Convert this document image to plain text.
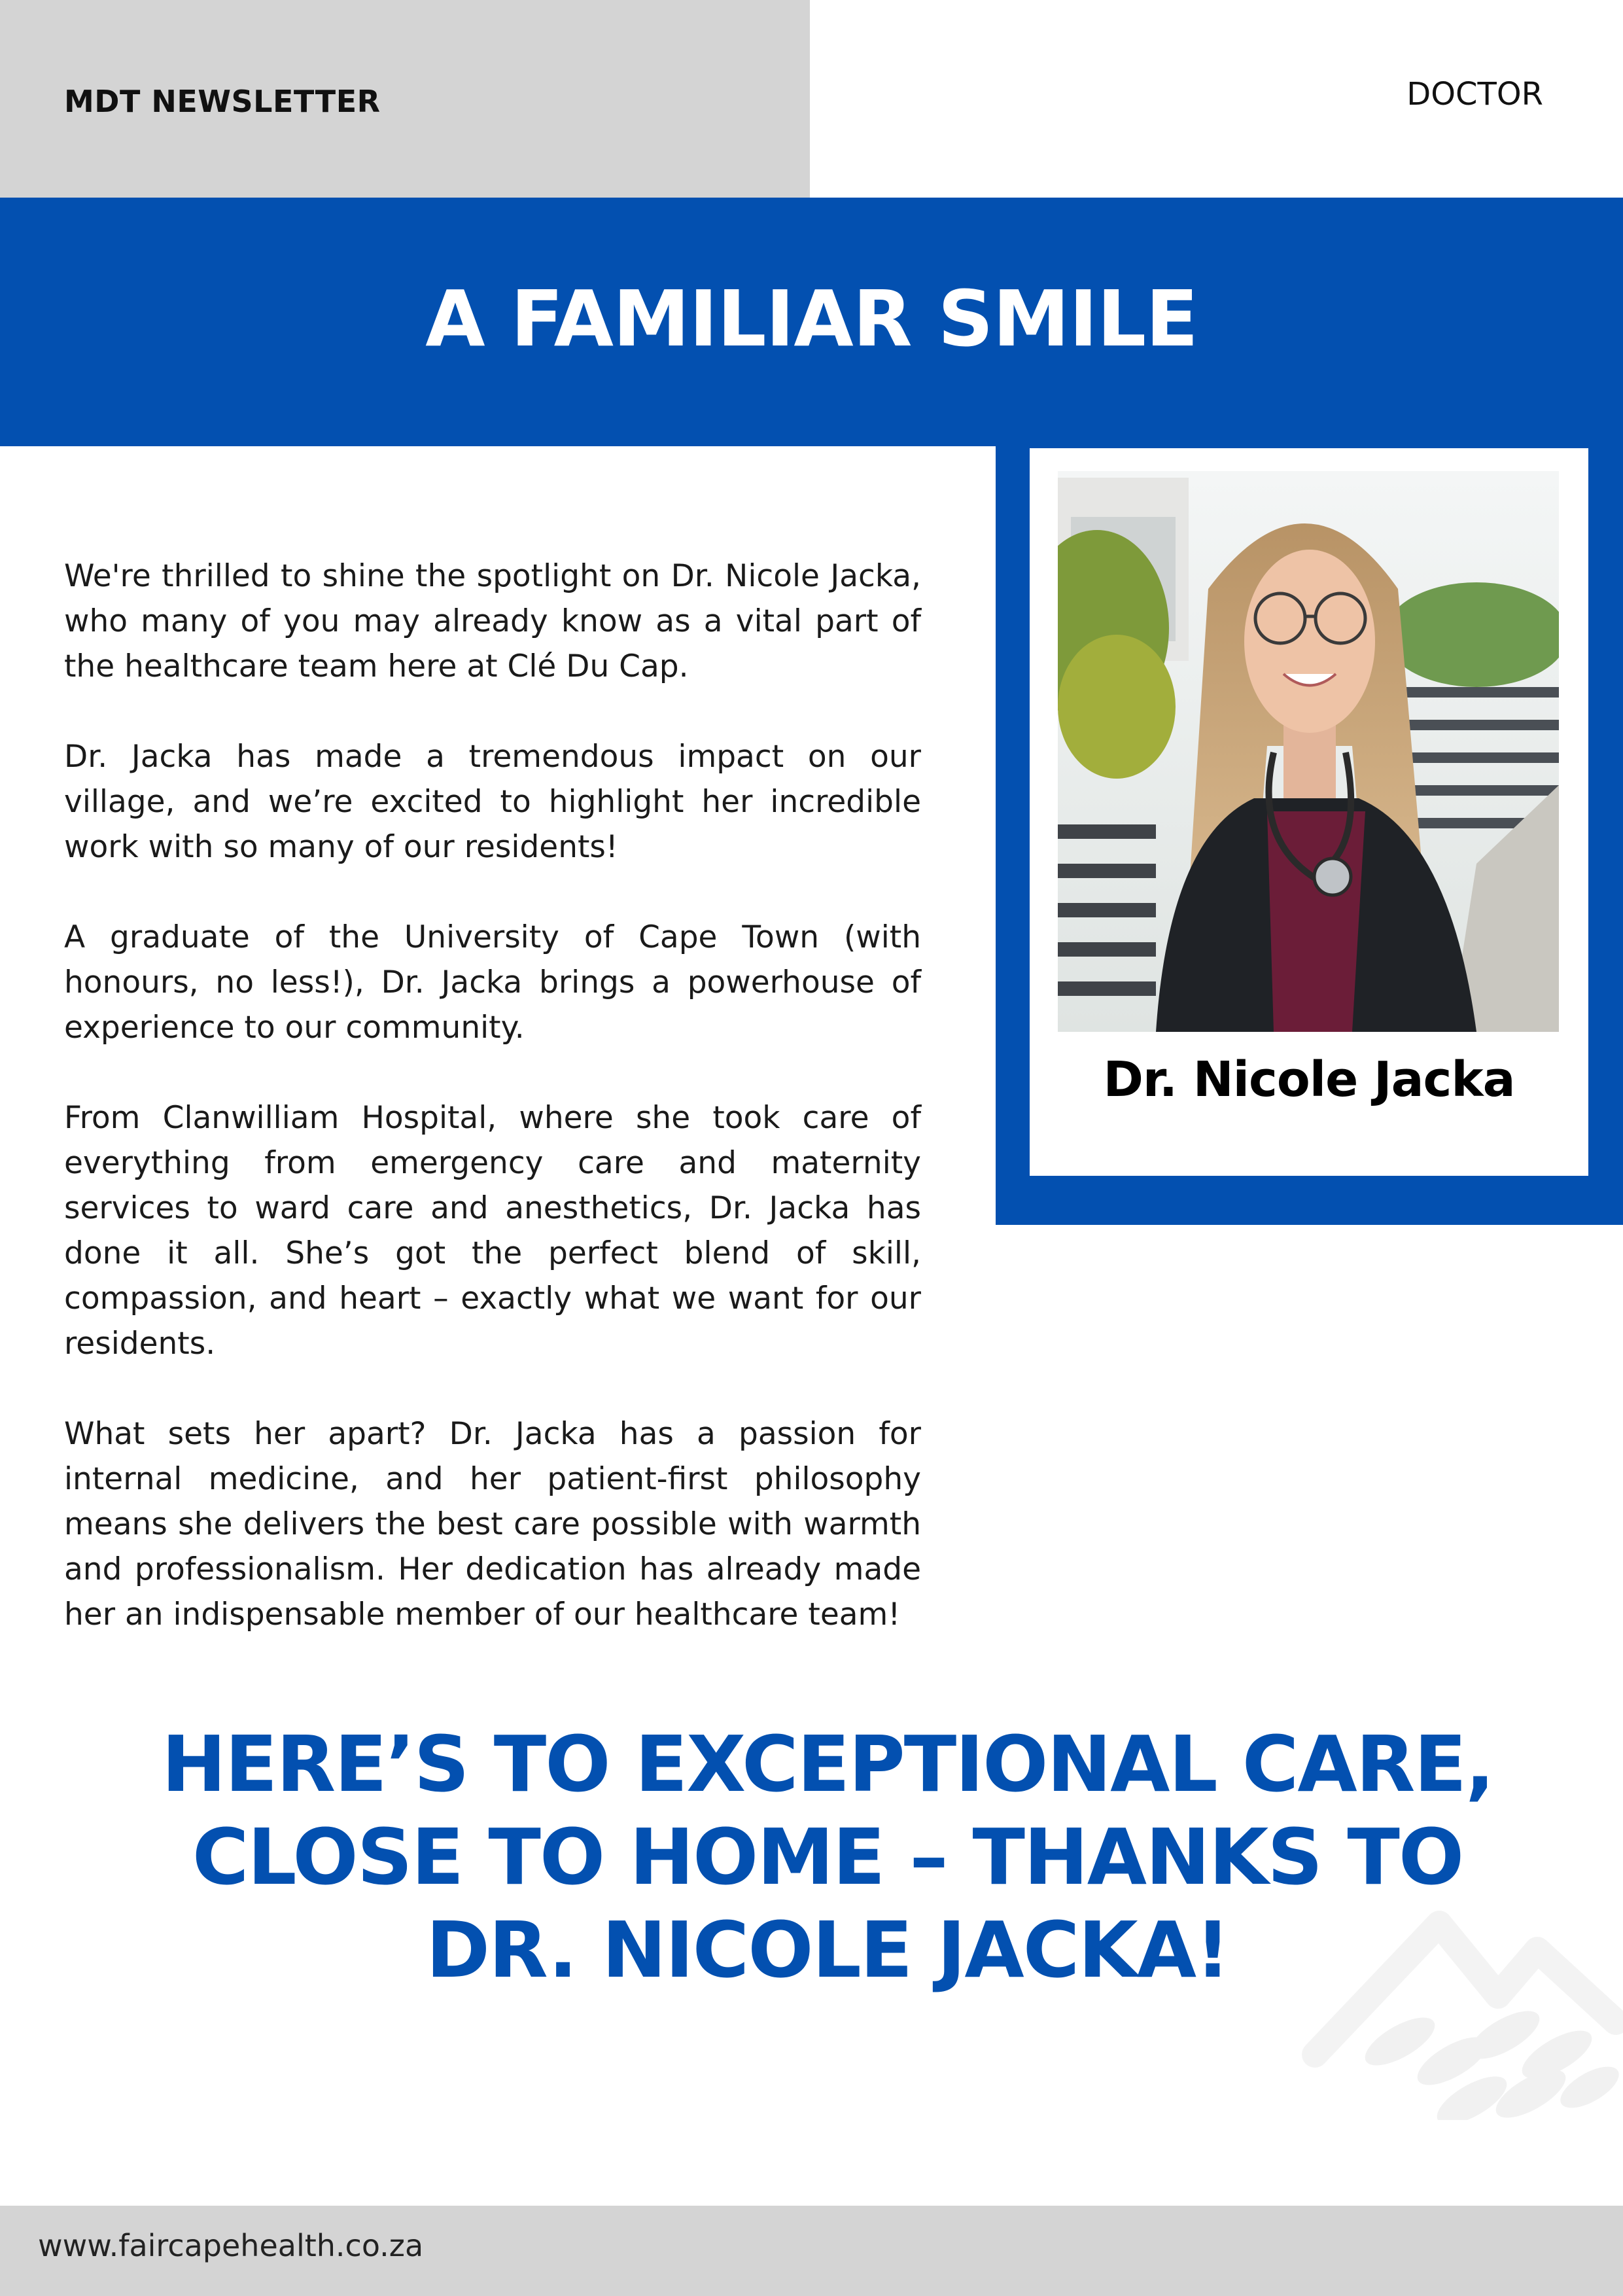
MDT NEWSLETTER	DOCTOR
A FAMILIAR SMILE
Dr. Nicole Jacka

We're thrilled to shine the spotlight on Dr. Nicole Jacka, who many of you may already know as a vital part of the healthcare team here at Clé Du Cap.

Dr. Jacka has made a tremendous impact on our village, and we’re excited to highlight her incredible work with so many of our residents!

A graduate of the University of Cape Town (with honours, no less!), Dr. Jacka brings a powerhouse of experience to our community.

From Clanwilliam Hospital, where she took care of everything from emergency care and maternity services to ward care and anesthetics, Dr. Jacka has done it all. She’s got the perfect blend of skill, compassion, and heart – exactly what we want for our residents.

What sets her apart? Dr. Jacka has a passion for internal medicine, and her patient-first philosophy means she delivers the best care possible with warmth and professionalism. Her dedication has already made her an indispensable member of our healthcare team!

HERE’S TO EXCEPTIONAL CARE,
CLOSE TO HOME – THANKS TO
DR. NICOLE JACKA!
www.faircapehealth.co.za
